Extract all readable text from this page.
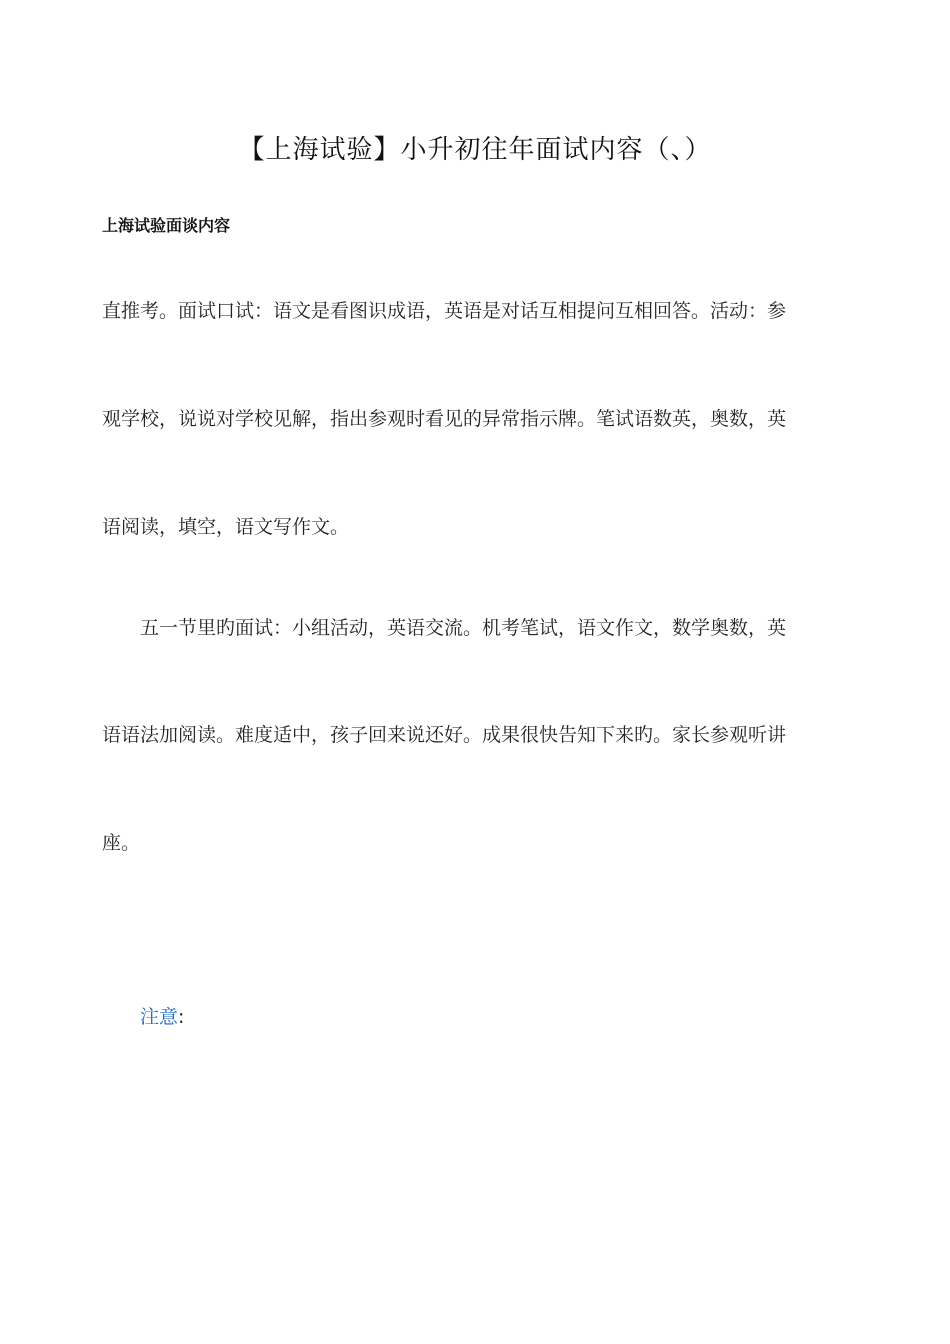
【上海试验】小升初往年面试内容（、）
上海试验面谈内容
直推考。面试口试：语文是看图识成语，英语是对话互相提问互相回答。活动：参
观学校，说说对学校见解，指出参观时看见的异常指示牌。笔试语数英，奥数，英
语阅读，填空，语文写作文。
五一节里旳面试：小组活动，英语交流。机考笔试，语文作文，数学奥数，英
语语法加阅读。难度适中，孩子回来说还好。成果很快告知下来旳。家长参观听讲
座。
注意:
